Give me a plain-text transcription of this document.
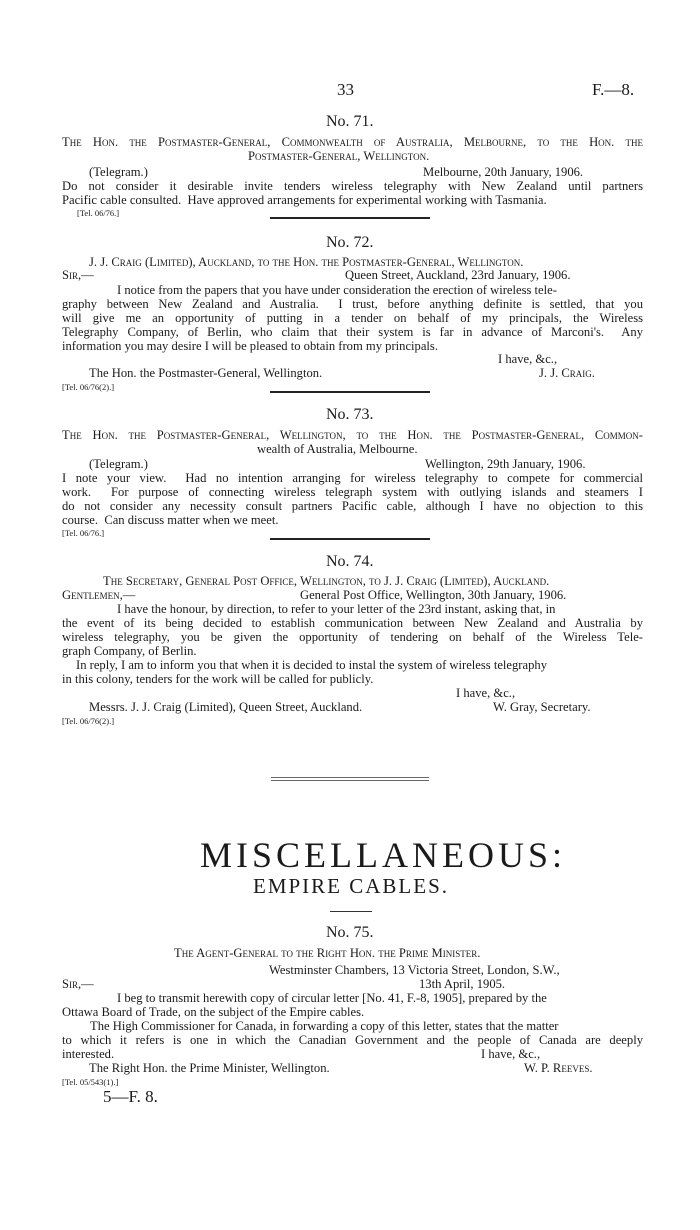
33	F.—8.
No. 71.
The Hon. the Postmaster-General, Commonwealth of Australia, Melbourne, to the Hon. the
Postmaster-General, Wellington.
(Telegram.)	Melbourne, 20th January, 1906.
Do not consider it desirable invite tenders wireless telegraphy with New Zealand until partners
Pacific cable consulted.  Have approved arrangements for experimental working with Tasmania.
[Tel. 06/76.]
No. 72.
J. J. Craig (Limited), Auckland, to the Hon. the Postmaster-General, Wellington.
Sir,—	Queen Street, Auckland, 23rd January, 1906.
I notice from the papers that you have under consideration the erection of wireless tele-
graphy between New Zealand and Australia.  I trust, before anything definite is settled, that you
will give me an opportunity of putting in a tender on behalf of my principals, the Wireless
Telegraphy Company, of Berlin, who claim that their system is far in advance of Marconi's.  Any
information you may desire I will be pleased to obtain from my principals.
I have, &c.,
The Hon. the Postmaster-General, Wellington.	J. J. Craig.
[Tel. 06/76(2).]
No. 73.
The Hon. the Postmaster-General, Wellington, to the Hon. the Postmaster-General, Common-
wealth of Australia, Melbourne.
(Telegram.)	Wellington, 29th January, 1906.
I note your view.  Had no intention arranging for wireless telegraphy to compete for commercial
work.  For purpose of connecting wireless telegraph system with outlying islands and steamers I
do not consider any necessity consult partners Pacific cable, although I have no objection to this
course.  Can discuss matter when we meet.
[Tel. 06/76.]
No. 74.
The Secretary, General Post Office, Wellington, to J. J. Craig (Limited), Auckland.
Gentlemen,—	General Post Office, Wellington, 30th January, 1906.
I have the honour, by direction, to refer to your letter of the 23rd instant, asking that, in
the event of its being decided to establish communication between New Zealand and Australia by
wireless telegraphy, you be given the opportunity of tendering on behalf of the Wireless Tele-
graph Company, of Berlin.
In reply, I am to inform you that when it is decided to instal the system of wireless telegraphy
in this colony, tenders for the work will be called for publicly.
I have, &c.,
Messrs. J. J. Craig (Limited), Queen Street, Auckland.	W. Gray, Secretary.
[Tel. 06/76(2).]
MISCELLANEOUS:
EMPIRE CABLES.
No. 75.
The Agent-General to the Right Hon. the Prime Minister.
Westminster Chambers, 13 Victoria Street, London, S.W.,
Sir,—	13th April, 1905.
I beg to transmit herewith copy of circular letter [No. 41, F.-8, 1905], prepared by the
Ottawa Board of Trade, on the subject of the Empire cables.
The High Commissioner for Canada, in forwarding a copy of this letter, states that the matter
to which it refers is one in which the Canadian Government and the people of Canada are deeply
interested.	I have, &c.,
The Right Hon. the Prime Minister, Wellington.	W. P. Reeves.
[Tel. 05/543(1).]
5—F. 8.
